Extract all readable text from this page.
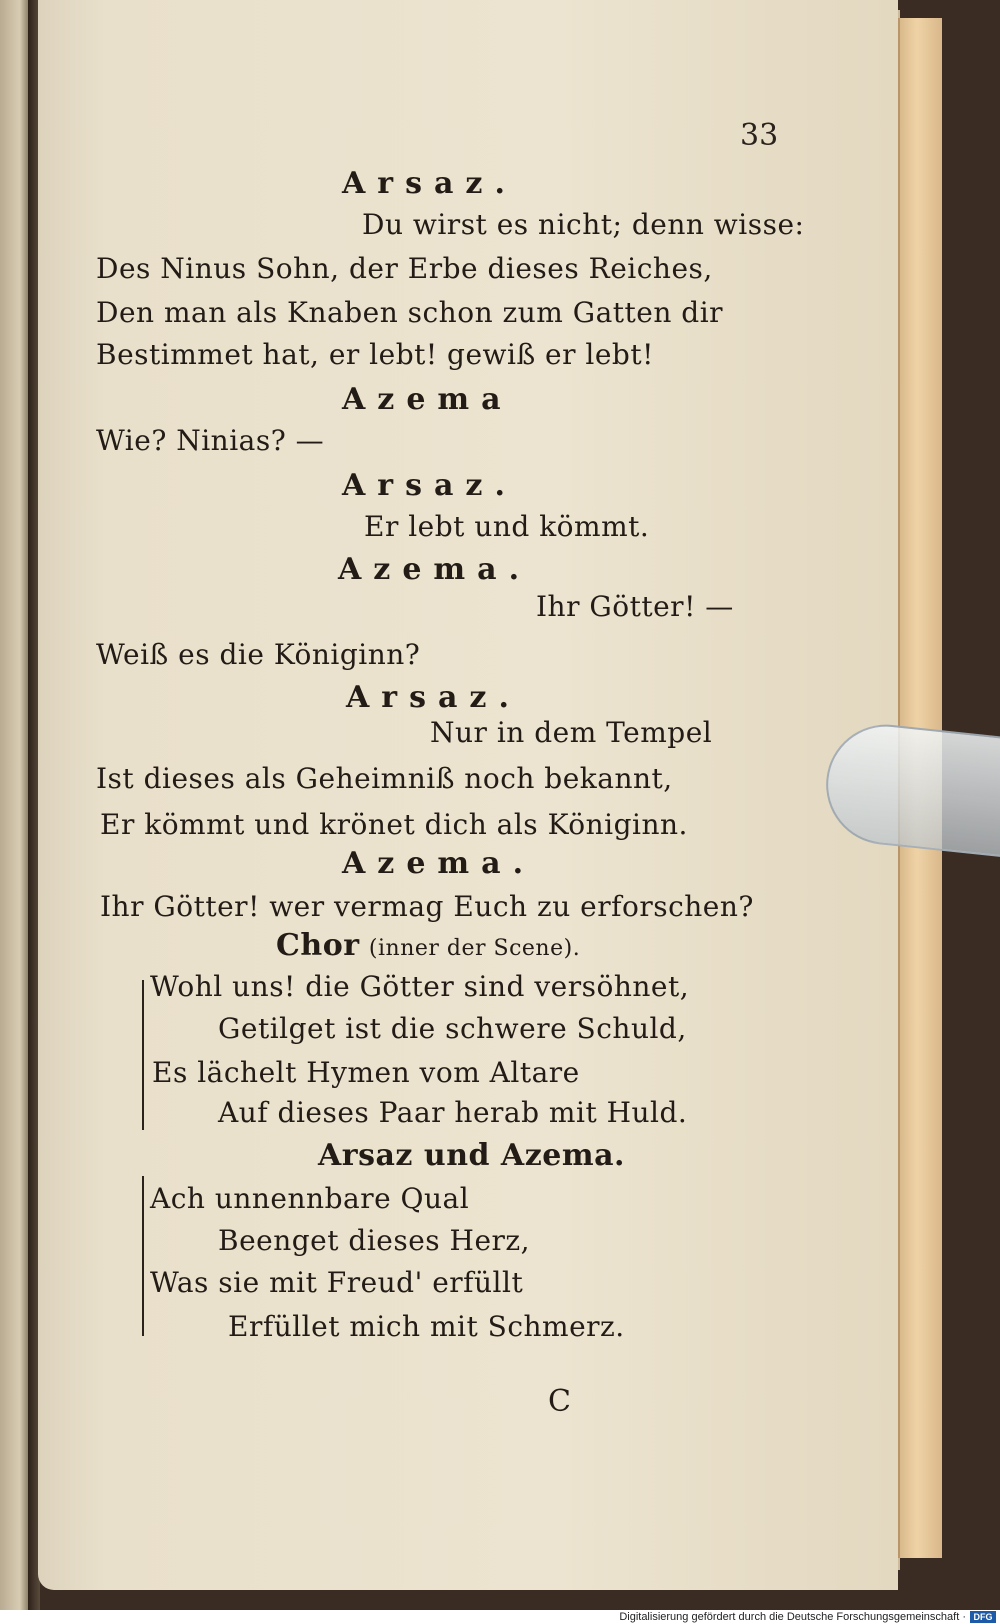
33
Arsaz.
Du wirst es nicht; denn wisse:
Des Ninus Sohn, der Erbe dieses Reiches,
Den man als Knaben schon zum Gatten dir
Bestimmet hat, er lebt! gewiß er lebt!
Azema
Wie? Ninias? —
Arsaz.
Er lebt und kömmt.
Azema.
Ihr Götter! —
Weiß es die Königinn?
Arsaz.
Nur in dem Tempel
Ist dieses als Geheimniß noch bekannt,
Er kömmt und krönet dich als Königinn.
Azema.
Ihr Götter! wer vermag Euch zu erforschen?
Chor (inner der Scene).
Wohl uns! die Götter sind versöhnet,
Getilget ist die schwere Schuld,
Es lächelt Hymen vom Altare
Auf dieses Paar herab mit Huld.
Arsaz und Azema.
Ach unnennbare Qual
Beenget dieses Herz,
Was sie mit Freud' erfüllt
Erfüllet mich mit Schmerz.
C
Digitalisierung gefördert durch die Deutsche Forschungsgemeinschaft · DFG
